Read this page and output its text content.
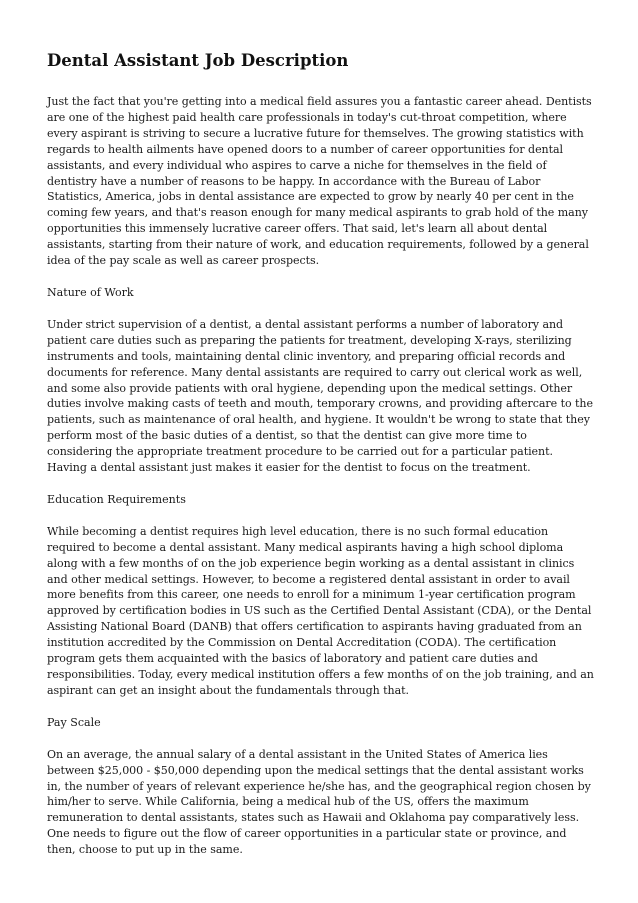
Dental Assistant Job Description

Just the fact that you're getting into a medical field assures you a fantastic career ahead. Dentists are one of the highest paid health care professionals in today's cut-throat competition, where every aspirant is striving to secure a lucrative future for themselves. The growing statistics with regards to health ailments have opened doors to a number of career opportunities for dental assistants, and every individual who aspires to carve a niche for themselves in the field of dentistry have a number of reasons to be happy. In accordance with the Bureau of Labor Statistics, America, jobs in dental assistance are expected to grow by nearly 40 per cent in the coming few years, and that's reason enough for many medical aspirants to grab hold of the many opportunities this immensely lucrative career offers. That said, let's learn all about dental assistants, starting from their nature of work, and education requirements, followed by a general idea of the pay scale as well as career prospects.

Nature of Work

Under strict supervision of a dentist, a dental assistant performs a number of laboratory and patient care duties such as preparing the patients for treatment, developing X-rays, sterilizing instruments and tools, maintaining dental clinic inventory, and preparing official records and documents for reference. Many dental assistants are required to carry out clerical work as well, and some also provide patients with oral hygiene, depending upon the medical settings. Other duties involve making casts of teeth and mouth, temporary crowns, and providing aftercare to the patients, such as maintenance of oral health, and hygiene. It wouldn't be wrong to state that they perform most of the basic duties of a dentist, so that the dentist can give more time to considering the appropriate treatment procedure to be carried out for a particular patient. Having a dental assistant just makes it easier for the dentist to focus on the treatment.

Education Requirements

While becoming a dentist requires high level education, there is no such formal education required to become a dental assistant. Many medical aspirants having a high school diploma along with a few months of on the job experience begin working as a dental assistant in clinics and other medical settings. However, to become a registered dental assistant in order to avail more benefits from this career, one needs to enroll for a minimum 1-year certification program approved by certification bodies in US such as the Certified Dental Assistant (CDA), or the Dental Assisting National Board (DANB) that offers certification to aspirants having graduated from an institution accredited by the Commission on Dental Accreditation (CODA). The certification program gets them acquainted with the basics of laboratory and patient care duties and responsibilities. Today, every medical institution offers a few months of on the job training, and an aspirant can get an insight about the fundamentals through that.

Pay Scale

On an average, the annual salary of a dental assistant in the United States of America lies between $25,000 - $50,000 depending upon the medical settings that the dental assistant works in, the number of years of relevant experience he/she has, and the geographical region chosen by him/her to serve. While California, being a medical hub of the US, offers the maximum remuneration to dental assistants, states such as Hawaii and Oklahoma pay comparatively less. One needs to figure out the flow of career opportunities in a particular state or province, and then, choose to put up in the same.
